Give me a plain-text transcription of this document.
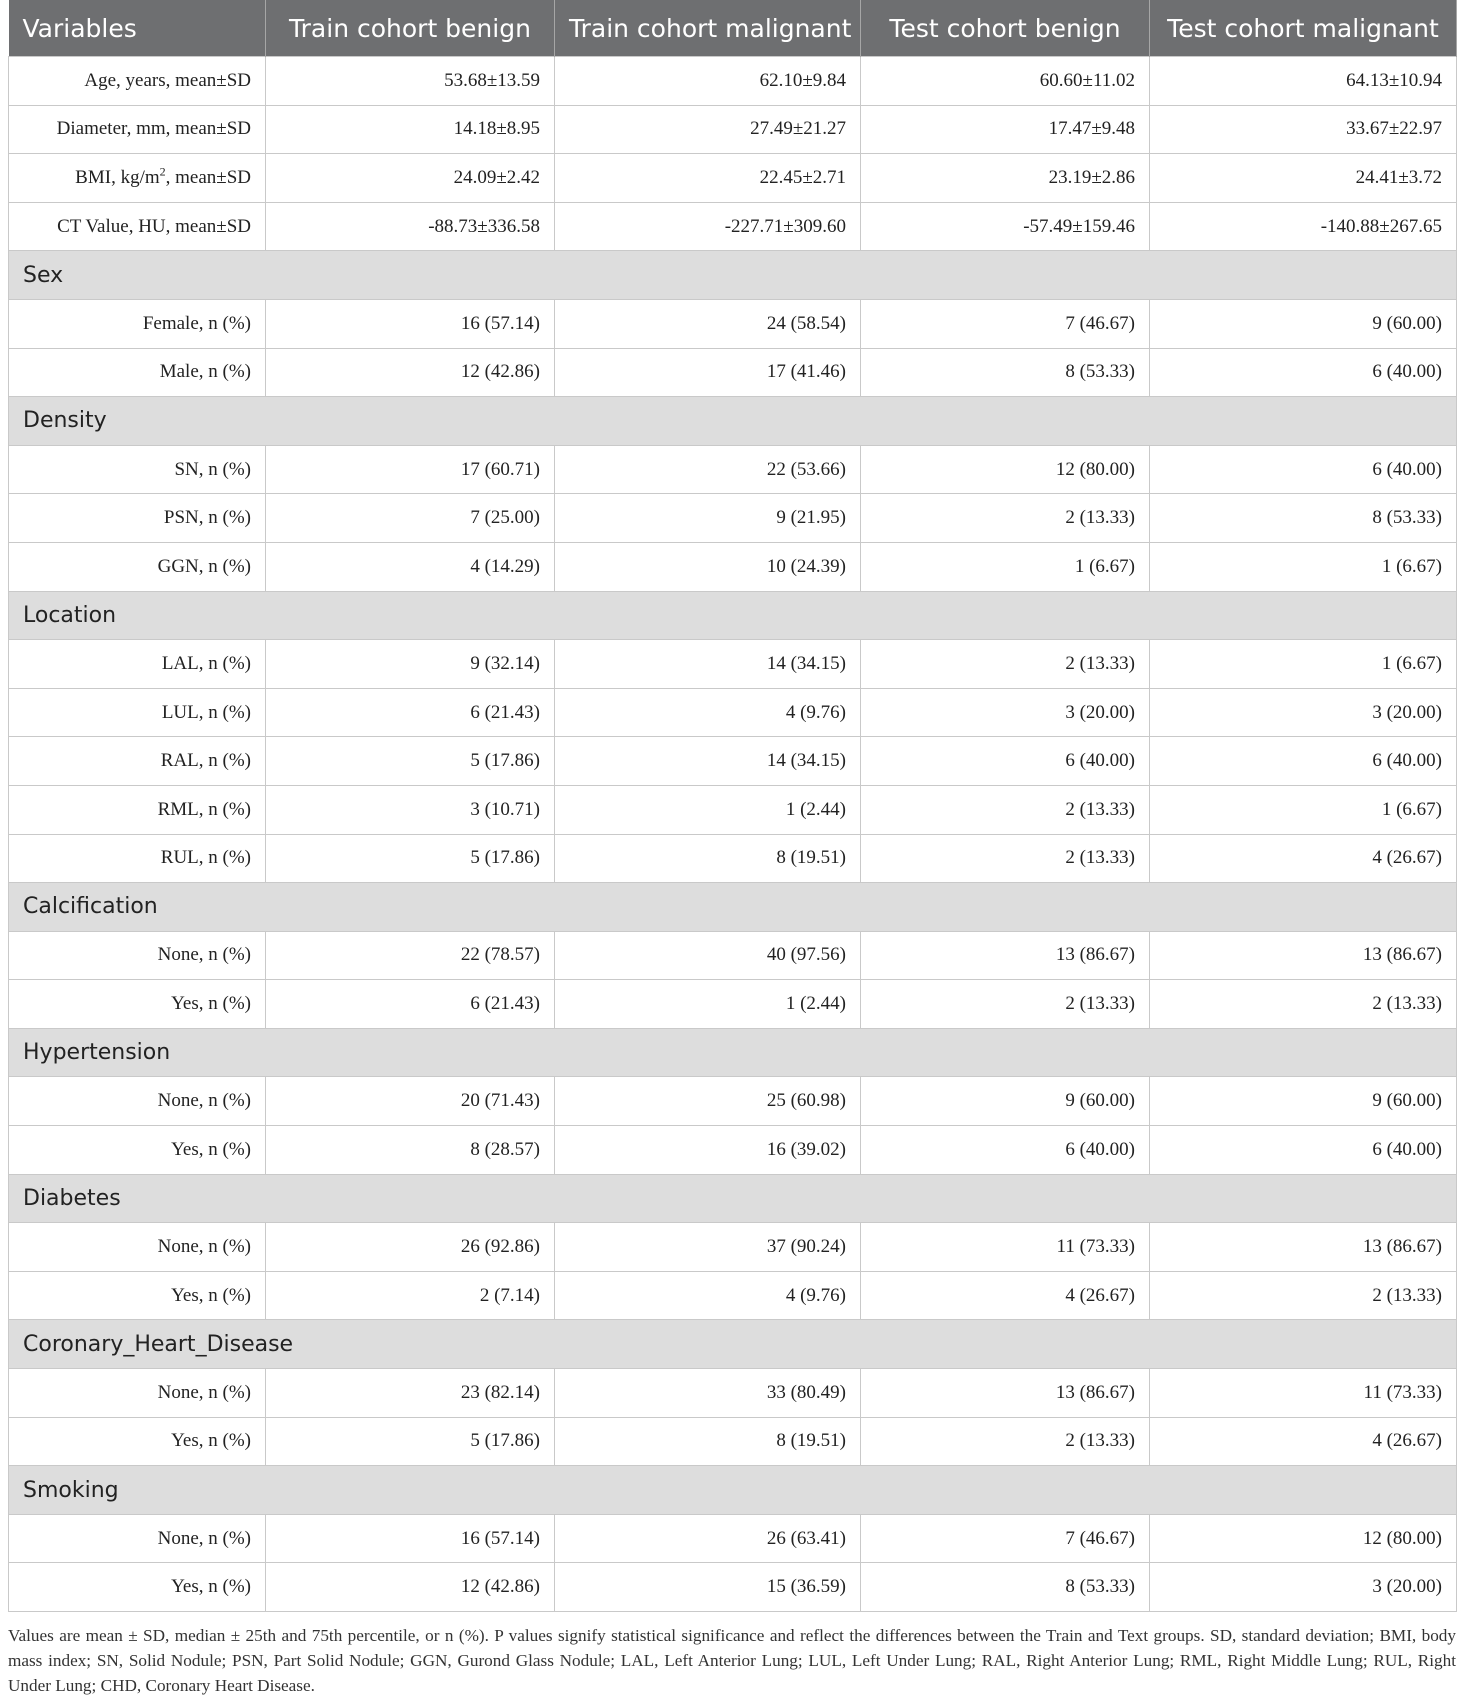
Variables	Train cohort benign	Train cohort malignant	Test cohort benign	Test cohort malignant
Age, years, mean±SD	53.68±13.59	62.10±9.84	60.60±11.02	64.13±10.94
Diameter, mm, mean±SD	14.18±8.95	27.49±21.27	17.47±9.48	33.67±22.97
BMI, $kg/m^2$, mean±SD	24.09±2.42	22.45±2.71	23.19±2.86	24.41±3.72
CT Value, HU, mean±SD	-88.73±336.58	-227.71±309.60	-57.49±159.46	-140.88±267.65
Sex				
Female, n (%)	16 (57.14)	24 (58.54)	7 (46.67)	9 (60.00)
Male, n (%)	12 (42.86)	17 (41.46)	8 (53.33)	6 (40.00)
Density				
SN, n (%)	17 (60.71)	22 (53.66)	12 (80.00)	6 (40.00)
PSN, n (%)	7 (25.00)	9 (21.95)	2 (13.33)	8 (53.33)
GGN, n (%)	4 (14.29)	10 (24.39)	1 (6.67)	1 (6.67)
Location				
LAL, n (%)	9 (32.14)	14 (34.15)	2 (13.33)	1 (6.67)
LUL, n (%)	6 (21.43)	4 (9.76)	3 (20.00)	3 (20.00)
RAL, n (%)	5 (17.86)	14 (34.15)	6 (40.00)	6 (40.00)
RML, n (%)	3 (10.71)	1 (2.44)	2 (13.33)	1 (6.67)
RUL, n (%)	5 (17.86)	8 (19.51)	2 (13.33)	4 (26.67)
Calcification				
None, n (%)	22 (78.57)	40 (97.56)	13 (86.67)	13 (86.67)
Yes, n (%)	6 (21.43)	1 (2.44)	2 (13.33)	2 (13.33)
Hypertension				
None, n (%)	20 (71.43)	25 (60.98)	9 (60.00)	9 (60.00)
Yes, n (%)	8 (28.57)	16 (39.02)	6 (40.00)	6 (40.00)
Diabetes				
None, n (%)	26 (92.86)	37 (90.24)	11 (73.33)	13 (86.67)
Yes, n (%)	2 (7.14)	4 (9.76)	4 (26.67)	2 (13.33)
Coronary_Heart_Disease				
None, n (%)	23 (82.14)	33 (80.49)	13 (86.67)	11 (73.33)
Yes, n (%)	5 (17.86)	8 (19.51)	2 (13.33)	4 (26.67)
Smoking				
None, n (%)	16 (57.14)	26 (63.41)	7 (46.67)	12 (80.00)
Yes, n (%)	12 (42.86)	15 (36.59)	8 (53.33)	3 (20.00)
Values are mean ± SD, median ± 25th and 75th percentile, or n (%). P values signify statistical significance and reflect the differences between the Train and Text groups. SD, standard deviation; BMI, body mass index; SN, Solid Nodule; PSN, Part Solid Nodule; GGN, Gurond Glass Nodule; LAL, Left Anterior Lung; LUL, Left Under Lung; RAL, Right Anterior Lung; RML, Right Middle Lung; RUL, Right Under Lung; CHD, Coronary Heart Disease.
